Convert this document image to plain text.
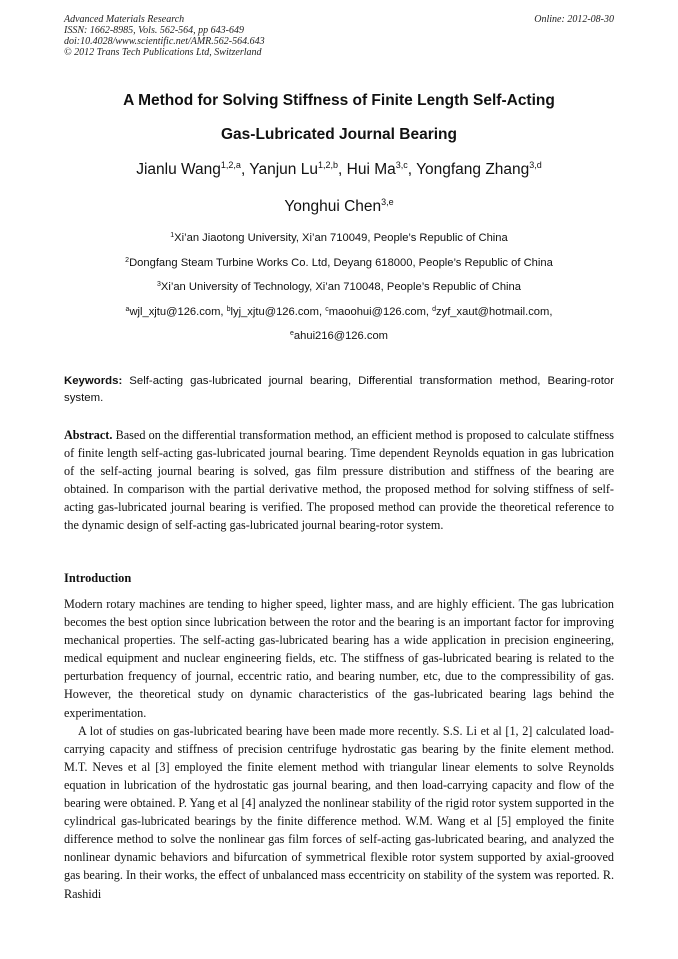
Advanced Materials Research
ISSN: 1662-8985, Vols. 562-564, pp 643-649
doi:10.4028/www.scientific.net/AMR.562-564.643
© 2012 Trans Tech Publications Ltd, Switzerland
Online: 2012-08-30
A Method for Solving Stiffness of Finite Length Self-Acting
Gas-Lubricated Journal Bearing
Jianlu Wang$^{1,2,a}$, Yanjun Lu$^{1,2,b}$, Hui Ma$^{3,c}$, Yongfang Zhang$^{3,d}$
Yonghui Chen$^{3,e}$
$^1$Xi’an Jiaotong University, Xi’an 710049, People’s Republic of China
$^2$Dongfang Steam Turbine Works Co. Ltd, Deyang 618000, People’s Republic of China
$^3$Xi’an University of Technology, Xi’an 710048, People’s Republic of China
$^a$wjl_xjtu@126.com, $^b$lyj_xjtu@126.com, $^c$maoohui@126.com, $^d$zyf_xaut@hotmail.com,
$^e$ahui216@126.com
Keywords: Self-acting gas-lubricated journal bearing, Differential transformation method, Bearing-rotor system.

Abstract. Based on the differential transformation method, an efficient method is proposed to calculate stiffness of finite length self-acting gas-lubricated journal bearing. Time dependent Reynolds equation in gas lubrication of the self-acting journal bearing is solved, gas film pressure distribution and stiffness of the bearing are obtained. In comparison with the partial derivative method, the proposed method for solving stiffness of self-acting gas-lubricated journal bearing is verified. The proposed method can provide the theoretical reference to the dynamic design of self-acting gas-lubricated journal bearing-rotor system.

Introduction

Modern rotary machines are tending to higher speed, lighter mass, and are highly efficient. The gas lubrication becomes the best option since lubrication between the rotor and the bearing is an important factor for improving mechanical properties. The self-acting gas-lubricated bearing has a wide application in precision engineering, medical equipment and nuclear engineering fields, etc. The stiffness of gas-lubricated bearing is related to the perturbation frequency of journal, eccentric ratio, and bearing number, etc, due to the compressibility of gas. However, the theoretical study on dynamic characteristics of the gas-lubricated bearing lags behind the experimentation.

A lot of studies on gas-lubricated bearing have been made more recently. S.S. Li et al [1, 2] calculated load-carrying capacity and stiffness of precision centrifuge hydrostatic gas bearing by the finite element method. M.T. Neves et al [3] employed the finite element method with triangular linear elements to solve Reynolds equation in lubrication of the hydrostatic gas journal bearing, and then load-carrying capacity and flow of the bearing were obtained. P. Yang et al [4] analyzed the nonlinear stability of the rigid rotor system supported in the cylindrical gas-lubricated bearings by the finite difference method. W.M. Wang et al [5] employed the finite difference method to solve the nonlinear gas film forces of self-acting gas-lubricated bearing, and analyzed the nonlinear dynamic behaviors and bifurcation of symmetrical flexible rotor system supported by axial-grooved gas bearing. In their works, the effect of unbalanced mass eccentricity on stability of the system was reported. R. Rashidi
